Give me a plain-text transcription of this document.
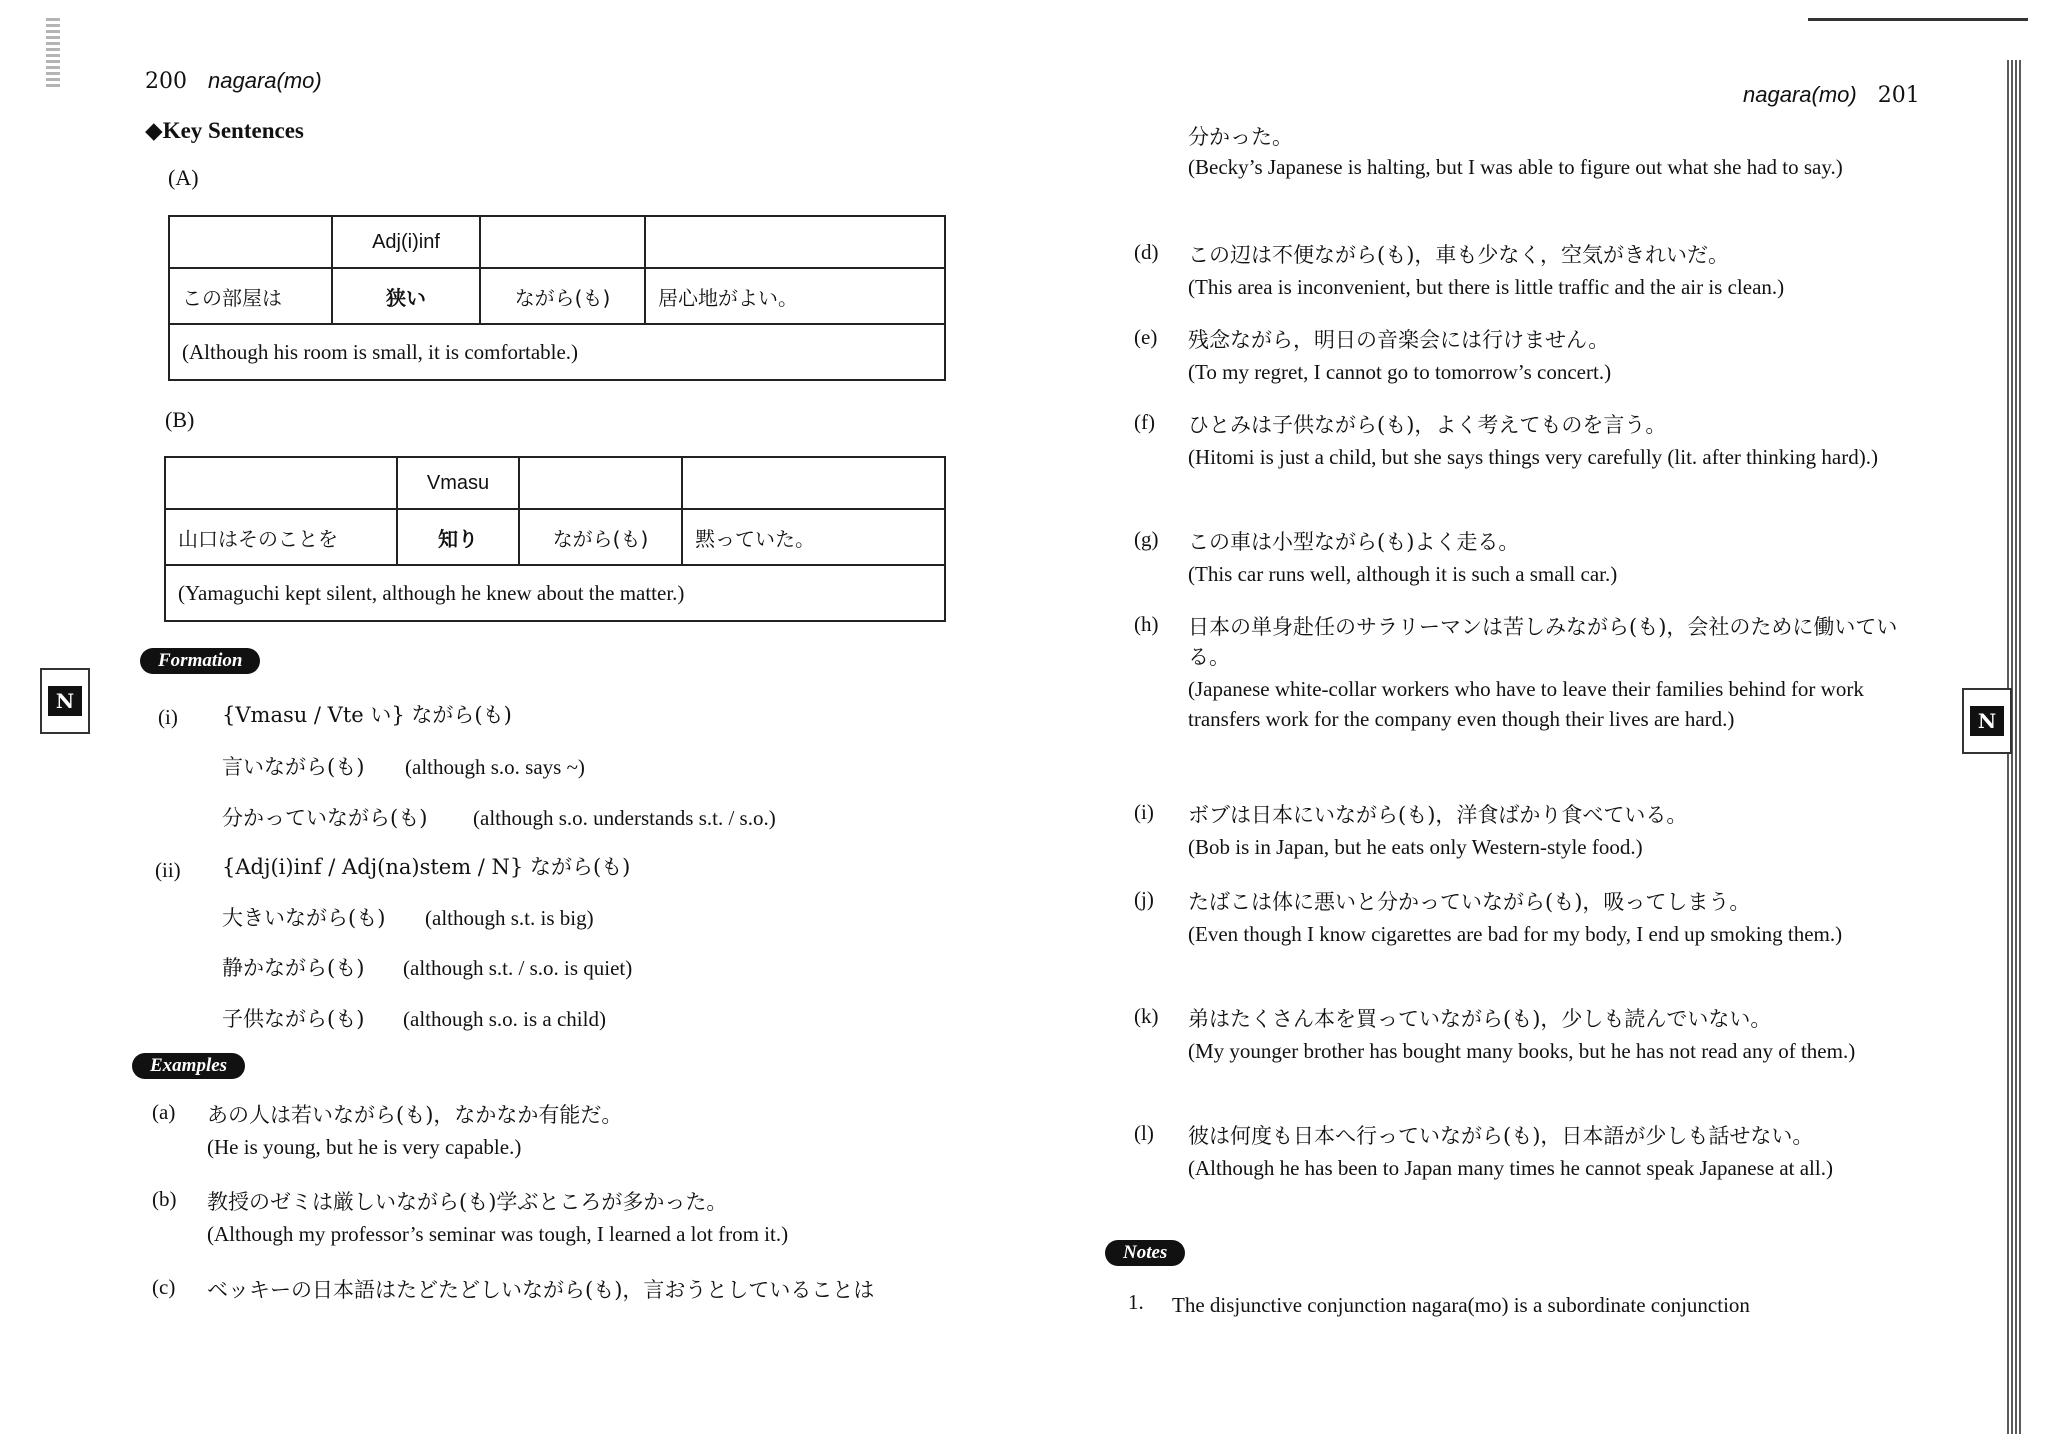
200 nagara(mo)
◆Key Sentences
(A)
	Adj(i)inf		
この部屋は	狭い	ながら(も)	居心地がよい。
(Although his room is small, it is comfortable.)			
(B)
	Vmasu		
山口はそのことを	知り	ながら(も)	黙っていた。
(Yamaguchi kept silent, although he knew about the matter.)			
Formation
N
(i) {Vmasu / Vte い} ながら(も)
言いながら(も) (although s.o. says ~)
分かっていながら(も) (although s.o. understands s.t. / s.o.)
(ii) {Adj(i)inf / Adj(na)stem / N} ながら(も)
大きいながら(も) (although s.t. is big)
静かながら(も) (although s.t. / s.o. is quiet)
子供ながら(も) (although s.o. is a child)
Examples
(a) あの人は若いながら(も)，なかなか有能だ。
(He is young, but he is very capable.)
(b) 教授のゼミは厳しいながら(も)学ぶところが多かった。
(Although my professor’s seminar was tough, I learned a lot from it.)
(c) ベッキーの日本語はたどたどしいながら(も)，言おうとしていることは
nagara(mo) 201
N
分かった。
(Becky’s Japanese is halting, but I was able to figure out what she had to say.)
(d) この辺は不便ながら(も)，車も少なく，空気がきれいだ。
(This area is inconvenient, but there is little traffic and the air is clean.)
(e) 残念ながら，明日の音楽会には行けません。
(To my regret, I cannot go to tomorrow’s concert.)
(f) ひとみは子供ながら(も)，よく考えてものを言う。
(Hitomi is just a child, but she says things very carefully (lit. after thinking hard).)
(g) この車は小型ながら(も)よく走る。
(This car runs well, although it is such a small car.)
(h) 日本の単身赴任のサラリーマンは苦しみながら(も)，会社のために働いている。
(Japanese white-collar workers who have to leave their families behind for work transfers work for the company even though their lives are hard.)
(i) ボブは日本にいながら(も)，洋食ばかり食べている。
(Bob is in Japan, but he eats only Western-style food.)
(j) たばこは体に悪いと分かっていながら(も)，吸ってしまう。
(Even though I know cigarettes are bad for my body, I end up smoking them.)
(k) 弟はたくさん本を買っていながら(も)，少しも読んでいない。
(My younger brother has bought many books, but he has not read any of them.)
(l) 彼は何度も日本へ行っていながら(も)，日本語が少しも話せない。
(Although he has been to Japan many times he cannot speak Japanese at all.)
Notes
1. The disjunctive conjunction nagara(mo) is a subordinate conjunction
